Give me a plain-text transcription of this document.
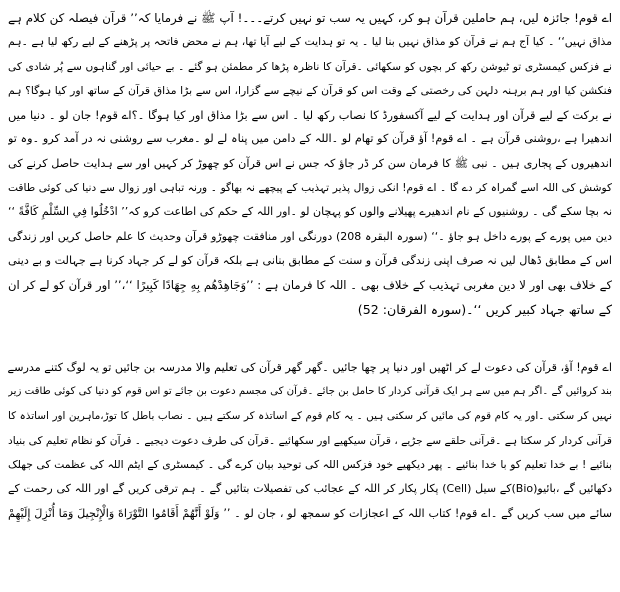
اے قوم! جائزہ لیں، ہم حاملین قرآن ہو کر، کہیں یہ سب تو نہیں کرتے۔۔۔! آپ ﷺ نے فرمایا کہ’’ قرآن فیصلہ کن کلام ہے
مذاق نہیں‘‘ ۔ کیا آج ہم نے قرآن کو مذاق نہیں بنا لیا ۔ یہ تو ہدایت کے لیے آیا تھا، ہم نے محض فاتحہ پر پڑھنے کے لیے رکھ لیا ہے ۔ہم
نے فزکس کیمسٹری تو ٹیوشن رکھ کر بچوں کو سکھائی ۔قرآن کا ناظرہ پڑھا کر مطمئن ہو گئے ۔ بے حیائی اور گناہوں سے پُر شادی کی
فنکشن کیا اور ہم برہنہ دلہن کی رخصتی کے وقت اس کو قرآن کے نیچے سے گزارا، اس سے بڑا مذاق قرآن کے ساتھ اور کیا ہوگا؟ ہم
نے برکت کے لیے قرآن اور ہدایت کے لیے آکسفورڈ کا نصاب رکھ لیا ۔ اس سے بڑا مذاق اور کیا ہوگا ۔؟اے قوم! جان لو ۔ دنیا میں
اندھیرا ہے ،روشنی قرآن ہے ۔ اے قوم! آؤ قرآن کو تھام لو ۔اللہ کے دامن میں پناہ لے لو ۔مغرب سے روشنی نہ در آمد کرو ۔وہ تو
اندھیروں کے پجاری ہیں ۔ نبی ﷺ کا فرمان سن کر ڈر جاؤ کہ جس نے اس قرآن کو چھوڑ کر کہیں اور سے ہدایت حاصل کرنے کی
کوشش کی اللہ اسے گمراہ کر دے گا ۔ اے قوم! انکی زوال پذیر تہذیب کے پیچھے نہ بھاگو ۔ ورنہ تباہی اور زوال سے دنیا کی کوئی طاقت
نہ بچا سکے گی ۔ روشنیوں کے نام اندھیرے پھیلانے والوں کو پہچان لو ۔اور اللہ کے حکم کی اطاعت کرو کہ’’ ادْخُلُوا فِي السِّلْمِ كَافَّةً ‘‘
دین میں پورے کے پورے داخل ہو جاؤ ۔‘‘ (سورہ البقرہ 208) دورنگی اور منافقت چھوڑو قرآن وحدیث کا علم حاصل کریں اور زندگی
اس کے مطابق ڈھال لیں نہ صرف اپنی زندگی قرآن و سنت کے مطابق بنانی ہے بلکہ قرآن کو لے کر جہاد کرنا ہے جہالت و بے دینی
کے خلاف بھی اور لا دین مغربی تہذیب کے خلاف بھی ۔ اللہ کا فرمان ہے : ’’وَجَاهِدْهُم بِهِ جِهَادًا كَبِيرًا ‘‘،’’ اور قرآن کو لے کر ان
کے ساتھ جہاد کبیر کریں ‘‘۔(سورہ الفرقان: 52)
اے قوم! آؤ، قرآن کی دعوت لے کر اٹھیں اور دنیا پر چھا جائیں ۔گھر گھر قرآن کی تعلیم والا مدرسہ بن جائیں تو یہ لوگ کتنے مدرسے
بند کروائیں گے ۔اگر ہم میں سے ہر ایک قرآنی کردار کا حامل بن جائے ۔قرآن کی مجسم دعوت بن جائے تو اس قوم کو دنیا کی کوئی طاقت زیر
نہیں کر سکتی ۔اور یہ کام قوم کی مائیں کر سکتی ہیں ۔ یہ کام قوم کے اساتذہ کر سکتے ہیں ۔ نصاب باطل کا توڑ،ماہرین اور اساتذہ کا
قرآنی کردار کر سکتا ہے ۔قرآنی حلقے سے جڑیے ، قرآن سیکھیے اور سکھائیے ۔قرآن کی طرف دعوت دیجیے ۔ قرآن کو نظام تعلیم کی بنیاد
بنائیے ! بے خدا تعلیم کو با خدا بنائیے ۔ پھر دیکھیے خود فزکس اللہ کی توحید بیان کرے گی ۔ کیمسٹری کے ایٹم اللہ کی عظمت کی جھلک
دکھائیں گے ،بائیو(Bio)کے سیل (Cell) پکار پکار کر اللہ کے عجائب کی تفصیلات بتائیں گے ۔ ہم ترقی کریں گے اور اللہ کی رحمت کے
سائے میں سب کریں گے ۔اے قوم! کتاب اللہ کے اعجازات کو سمجھ لو ، جان لو ۔ ’’ وَلَوْ أَنَّهُمْ أَقَامُوا التَّوْرَاةَ وَالْإِنْجِيلَ وَمَا أُنْزِلَ إِلَيْهِمْ
